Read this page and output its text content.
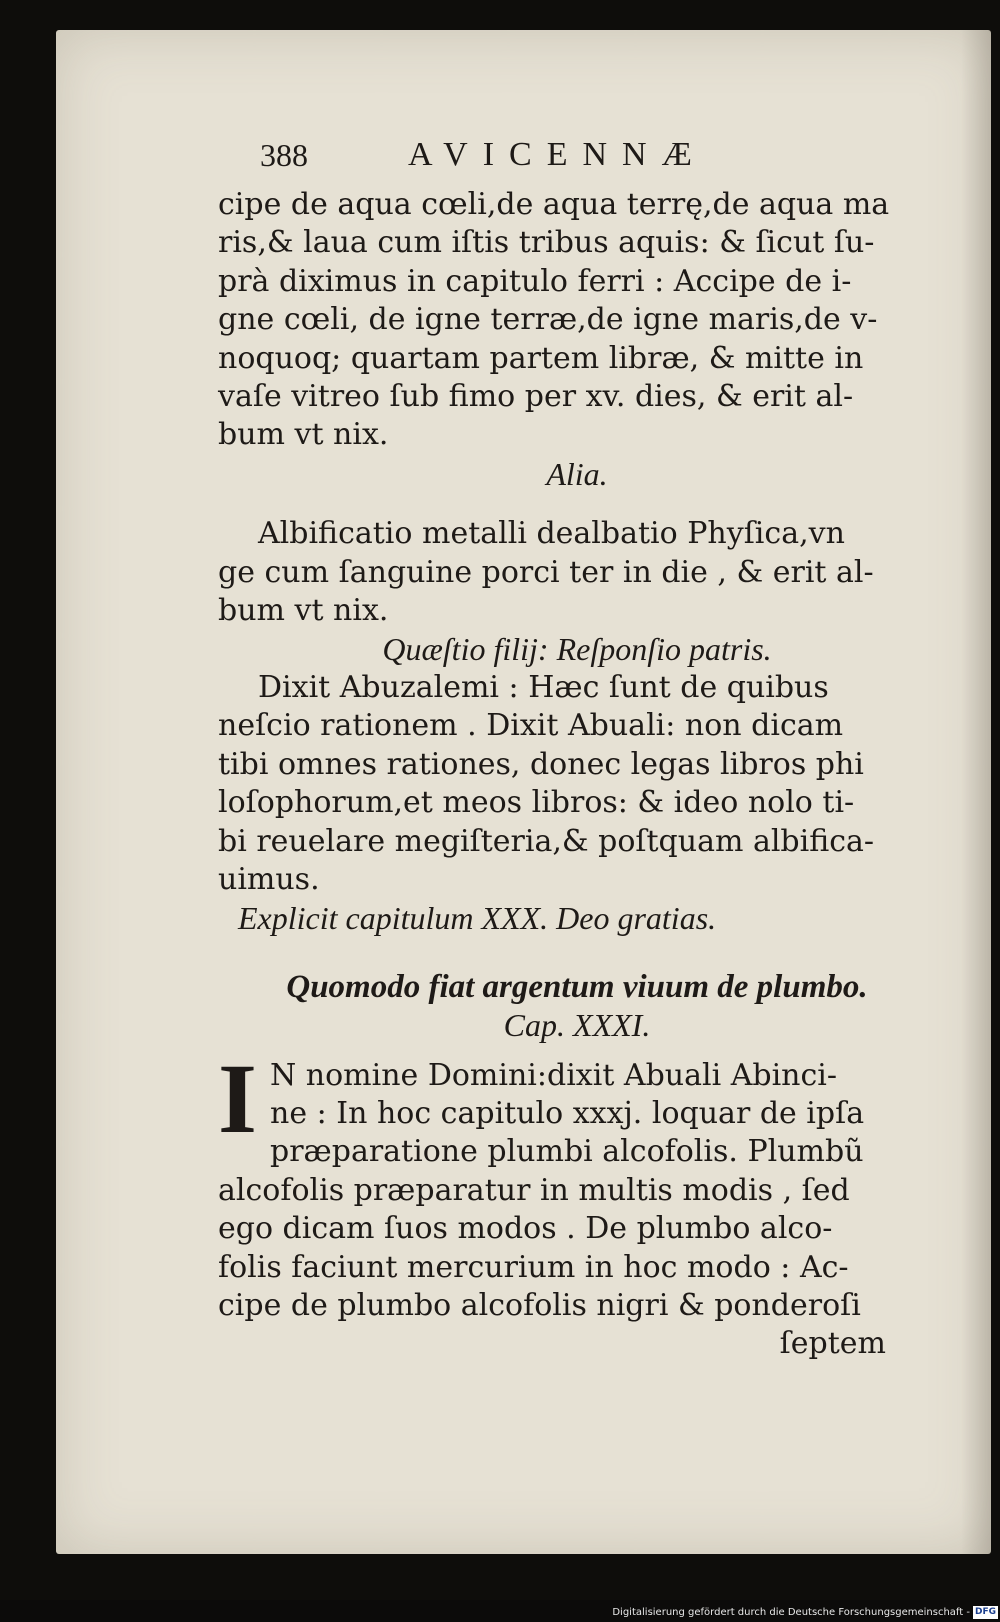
388	AVICENNÆ
cipe de aqua cœli,de aqua terrę,de aqua ma
ris,& laua cum iſtis tribus aquis: & ſicut ſu-
prà diximus in capitulo ferri : Accipe de i-
gne cœli, de igne terræ,de igne maris,de v-
noquoq; quartam partem libræ, & mitte in
vaſe vitreo ſub fimo per xv. dies, & erit al-
bum vt nix.
Alia.
Albificatio metalli dealbatio Phyſica,vn
ge cum ſanguine porci ter in die , & erit al-
bum vt nix.
Quæſtio filij: Reſponſio patris.
Dixit Abuzalemi : Hæc ſunt de quibus
neſcio rationem . Dixit Abuali: non dicam
tibi omnes rationes, donec legas libros phi
loſophorum,et meos libros: & ideo nolo ti-
bi reuelare megiſteria,& poſtquam albifica-
uimus.
Explicit capitulum XXX. Deo gratias.
Quomodo fiat argentum viuum de plumbo.
Cap. XXXI.
I N nomine Domini:dixit Abuali Abinci-
ne : In hoc capitulo xxxj. loquar de ipſa
præparatione plumbi alcofolis. Plumbũ
alcofolis præparatur in multis modis , ſed
ego dicam ſuos modos . De plumbo alco-
folis faciunt mercurium in hoc modo : Ac-
cipe de plumbo alcofolis nigri & ponderoſi
ſeptem
Digitalisierung gefördert durch die Deutsche Forschungsgemeinschaft - DFG
